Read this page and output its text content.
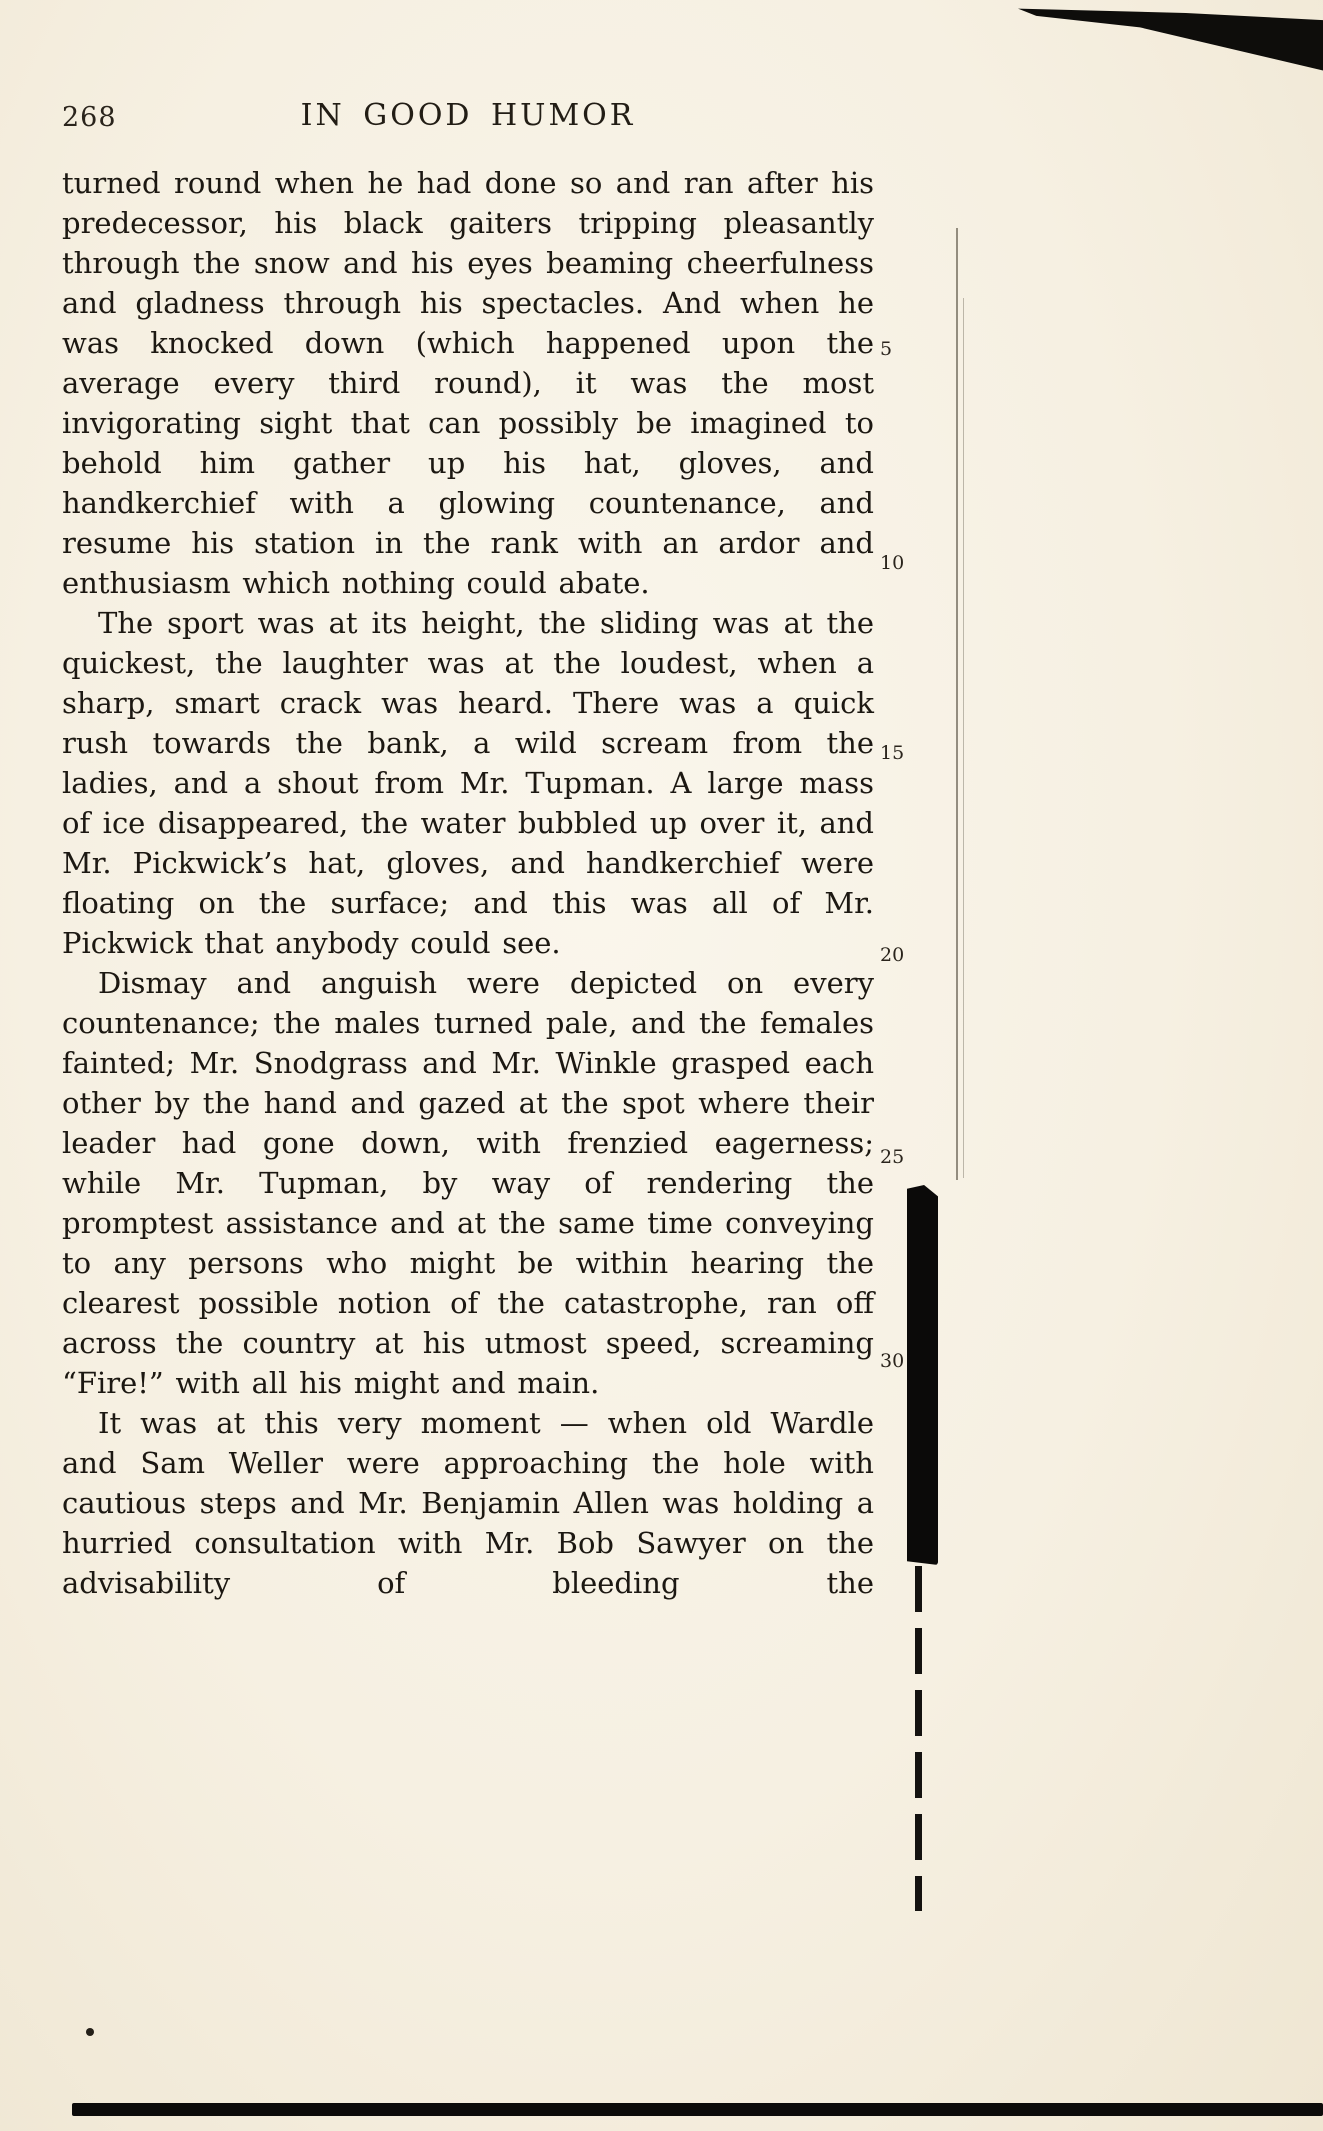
IN GOOD HUMOR
268

turned round when he had done so and ran after his predecessor, his black gaiters tripping pleasantly through the snow and his eyes beaming cheerfulness and gladness through his spectacles. And when he was knocked down (which happened upon the average every third round), it was the most invigorating sight that can possibly be imagined to behold him gather up his hat, gloves, and handkerchief with a glowing countenance, and resume his station in the rank with an ardor and enthusiasm which nothing could abate.

The sport was at its height, the sliding was at the quickest, the laughter was at the loudest, when a sharp, smart crack was heard. There was a quick rush towards the bank, a wild scream from the ladies, and a shout from Mr. Tupman. A large mass of ice disappeared, the water bubbled up over it, and Mr. Pickwick’s hat, gloves, and handkerchief were floating on the surface; and this was all of Mr. Pickwick that anybody could see.

Dismay and anguish were depicted on every countenance; the males turned pale, and the females fainted; Mr. Snodgrass and Mr. Winkle grasped each other by the hand and gazed at the spot where their leader had gone down, with frenzied eagerness; while Mr. Tupman, by way of rendering the promptest assistance and at the same time conveying to any persons who might be within hearing the clearest possible notion of the catastrophe, ran off across the country at his utmost speed, screaming “Fire!” with all his might and main.

It was at this very moment — when old Wardle and Sam Weller were approaching the hole with cautious steps and Mr. Benjamin Allen was holding a hurried consultation with Mr. Bob Sawyer on the advisability of bleeding the

5
10
15
20
25
30
